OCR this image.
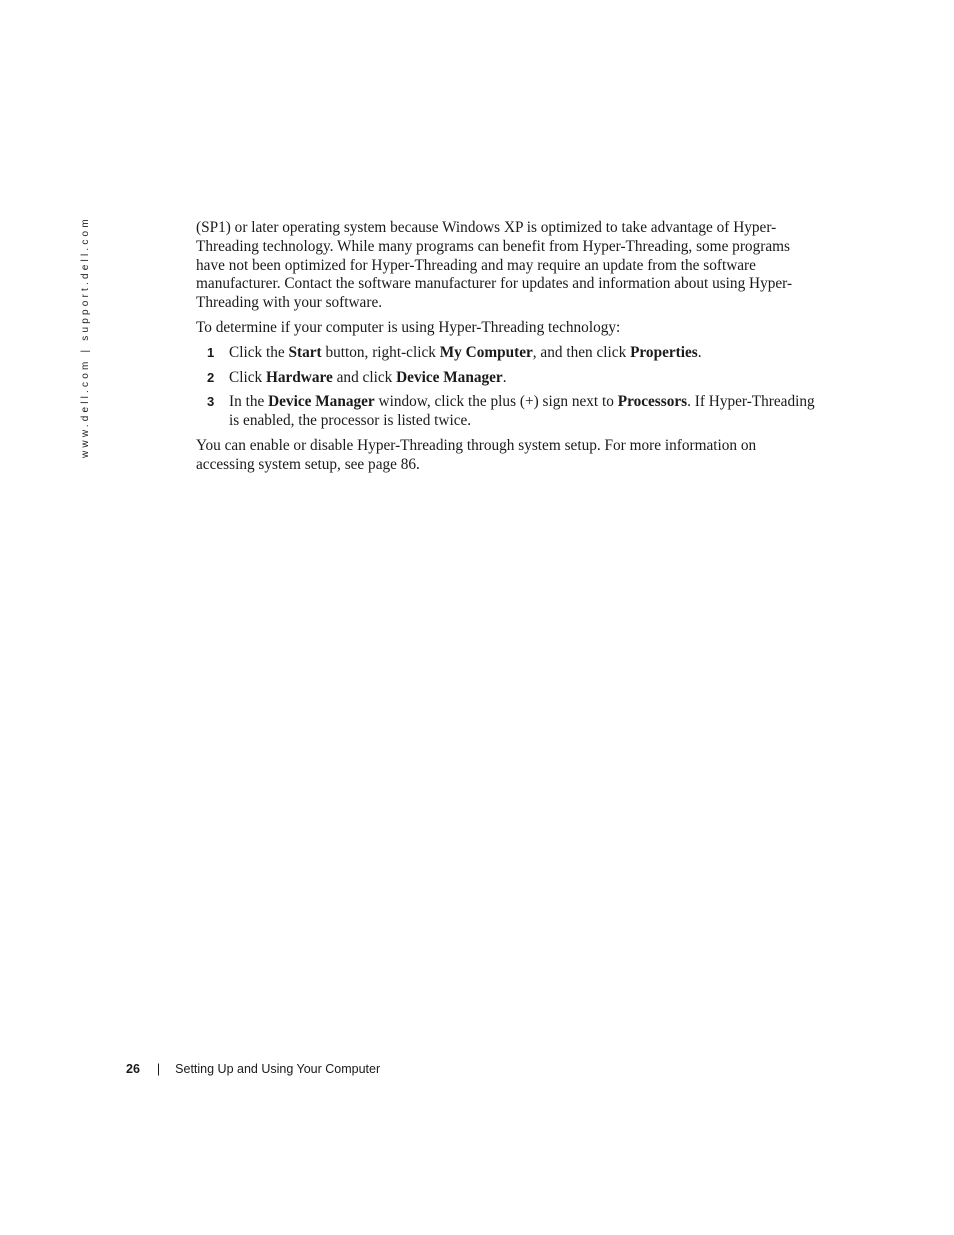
www.dell.com | support.dell.com	(SP1) or later operating system because Windows XP is optimized to take advantage of Hyper-Threading technology. While many programs can benefit from Hyper-Threading, some programs have not been optimized for Hyper-Threading and may require an update from the software manufacturer. Contact the software manufacturer for updates and information about using Hyper-Threading with your software.

To determine if your computer is using Hyper-Threading technology:

1 Click the Start button, right-click My Computer, and then click Properties.
2 Click Hardware and click Device Manager.
3 In the Device Manager window, click the plus (+) sign next to Processors. If Hyper-Threading is enabled, the processor is listed twice.

You can enable or disable Hyper-Threading through system setup. For more information on accessing system setup, see page 86.

26 | Setting Up and Using Your Computer
